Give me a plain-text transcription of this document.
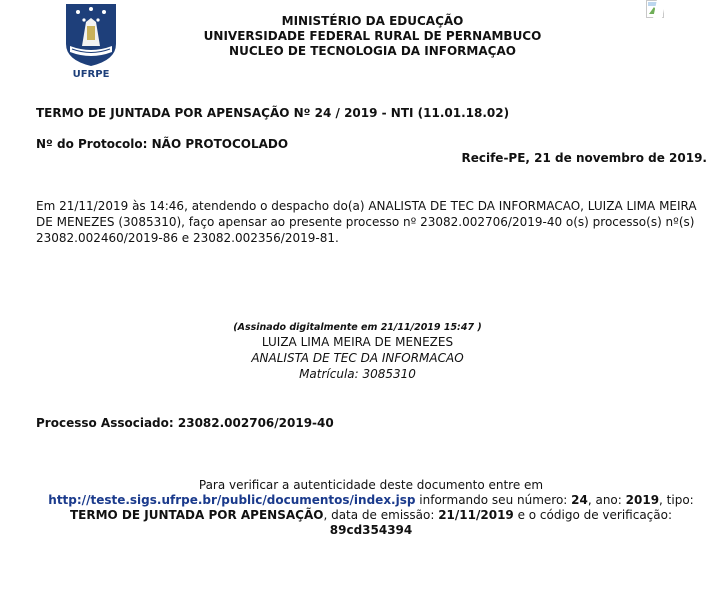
UFRPE
MINISTÉRIO DA EDUCAÇÃO
UNIVERSIDADE FEDERAL RURAL DE PERNAMBUCO
NUCLEO DE TECNOLOGIA DA INFORMAÇAO
TERMO DE JUNTADA POR APENSAÇÃO Nº 24 / 2019 - NTI (11.01.18.02)
Nº do Protocolo: NÃO PROTOCOLADO
Recife-PE, 21 de novembro de 2019.
Em 21/11/2019 às 14:46, atendendo o despacho do(a) ANALISTA DE TEC DA INFORMACAO, LUIZA LIMA MEIRA DE MENEZES (3085310), faço apensar ao presente processo nº 23082.002706/2019-40 o(s) processo(s) nº(s) 23082.002460/2019-86 e 23082.002356/2019-81.
(Assinado digitalmente em 21/11/2019 15:47 )
LUIZA LIMA MEIRA DE MENEZES
ANALISTA DE TEC DA INFORMACAO
Matrícula: 3085310
Processo Associado: 23082.002706/2019-40
Para verificar a autenticidade deste documento entre em
http://teste.sigs.ufrpe.br/public/documentos/index.jsp informando seu número: 24, ano: 2019, tipo: TERMO DE JUNTADA POR APENSAÇÃO, data de emissão: 21/11/2019 e o código de verificação: 89cd354394
